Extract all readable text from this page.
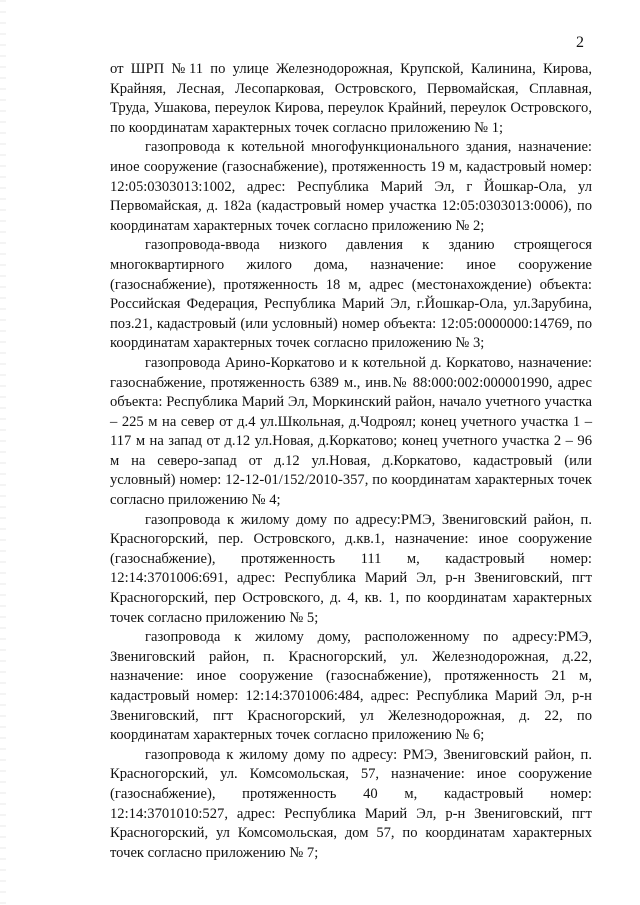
2

от ШРП №11 по улице Железнодорожная, Крупской, Калинина, Кирова, Крайняя, Лесная, Лесопарковая, Островского, Первомайская, Сплавная, Труда, Ушакова, переулок Кирова, переулок Крайний, переулок Островского, по координатам характерных точек согласно приложению № 1;

газопровода к котельной многофункционального здания, назначение: иное сооружение (газоснабжение), протяженность 19 м, кадастровый номер: 12:05:0303013:1002, адрес: Республика Марий Эл, г Йошкар-Ола, ул Первомайская, д. 182а (кадастровый номер участка 12:05:0303013:0006), по координатам характерных точек согласно приложению № 2;

газопровода-ввода низкого давления к зданию строящегося многоквартирного жилого дома, назначение: иное сооружение (газоснабжение), протяженность 18 м, адрес (местонахождение) объекта: Российская Федерация, Республика Марий Эл, г.Йошкар-Ола, ул.Зарубина, поз.21, кадастровый (или условный) номер объекта: 12:05:0000000:14769, по координатам характерных точек согласно приложению № 3;

газопровода Арино-Коркатово и к котельной д. Коркатово, назначение: газоснабжение, протяженность 6389 м., инв.№ 88:000:002:000001990, адрес объекта: Республика Марий Эл, Моркинский район, начало учетного участка – 225 м на север от д.4 ул.Школьная, д.Чодроял; конец учетного участка 1 – 117 м на запад от д.12 ул.Новая, д.Коркатово; конец учетного участка 2 – 96 м на северо-запад от д.12 ул.Новая, д.Коркатово, кадастровый (или условный) номер: 12-12-01/152/2010-357, по координатам характерных точек согласно приложению № 4;

газопровода к жилому дому по адресу:РМЭ, Звениговский район, п. Красногорский, пер. Островского, д.кв.1, назначение: иное сооружение (газоснабжение), протяженность 111 м, кадастровый номер: 12:14:3701006:691, адрес: Республика Марий Эл, р-н Звениговский, пгт Красногорский, пер Островского, д. 4, кв. 1, по координатам характерных точек согласно приложению № 5;

газопровода к жилому дому, расположенному по адресу:РМЭ, Звениговский район, п. Красногорский, ул. Железнодорожная, д.22, назначение: иное сооружение (газоснабжение), протяженность 21 м, кадастровый номер: 12:14:3701006:484, адрес: Республика Марий Эл, р-н Звениговский, пгт Красногорский, ул Железнодорожная, д. 22, по координатам характерных точек согласно приложению № 6;

газопровода к жилому дому по адресу: РМЭ, Звениговский район, п. Красногорский, ул. Комсомольская, 57, назначение: иное сооружение (газоснабжение), протяженность 40 м, кадастровый номер: 12:14:3701010:527, адрес: Республика Марий Эл, р-н Звениговский, пгт Красногорский, ул Комсомольская, дом 57, по координатам характерных точек согласно приложению № 7;
